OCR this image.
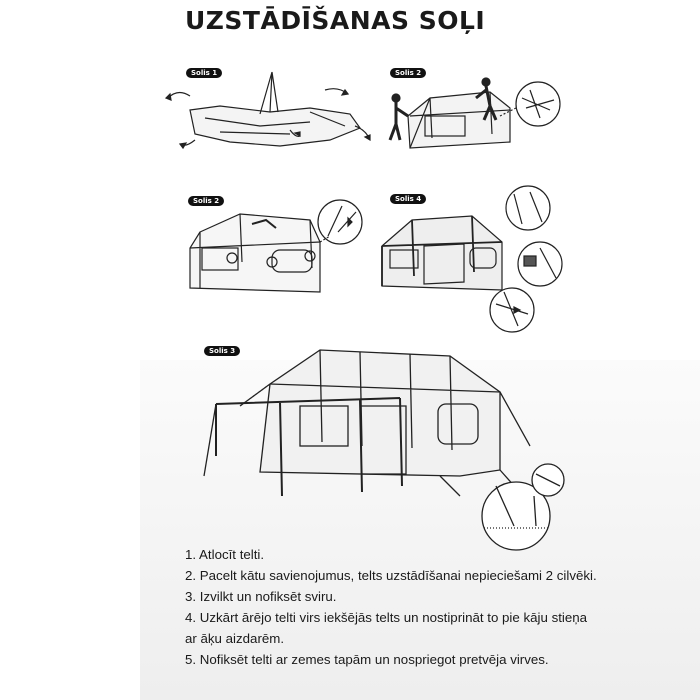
UZSTĀDĪŠANAS SOĻI
Solis 1	Solis 2
Solis 2	Solis 4
Solis 3
1. Atlocīt telti.
2. Pacelt kātu savienojumus, telts uzstādīšanai nepieciešami 2 cilvēki.
3. Izvilkt un nofiksēt sviru.
4. Uzkārt ārējo telti virs iekšējās telts un nostiprināt to pie kāju stieņa
ar āķu aizdarēm.
5. Nofiksēt telti ar zemes tapām un nospriegot pretvēja virves.
